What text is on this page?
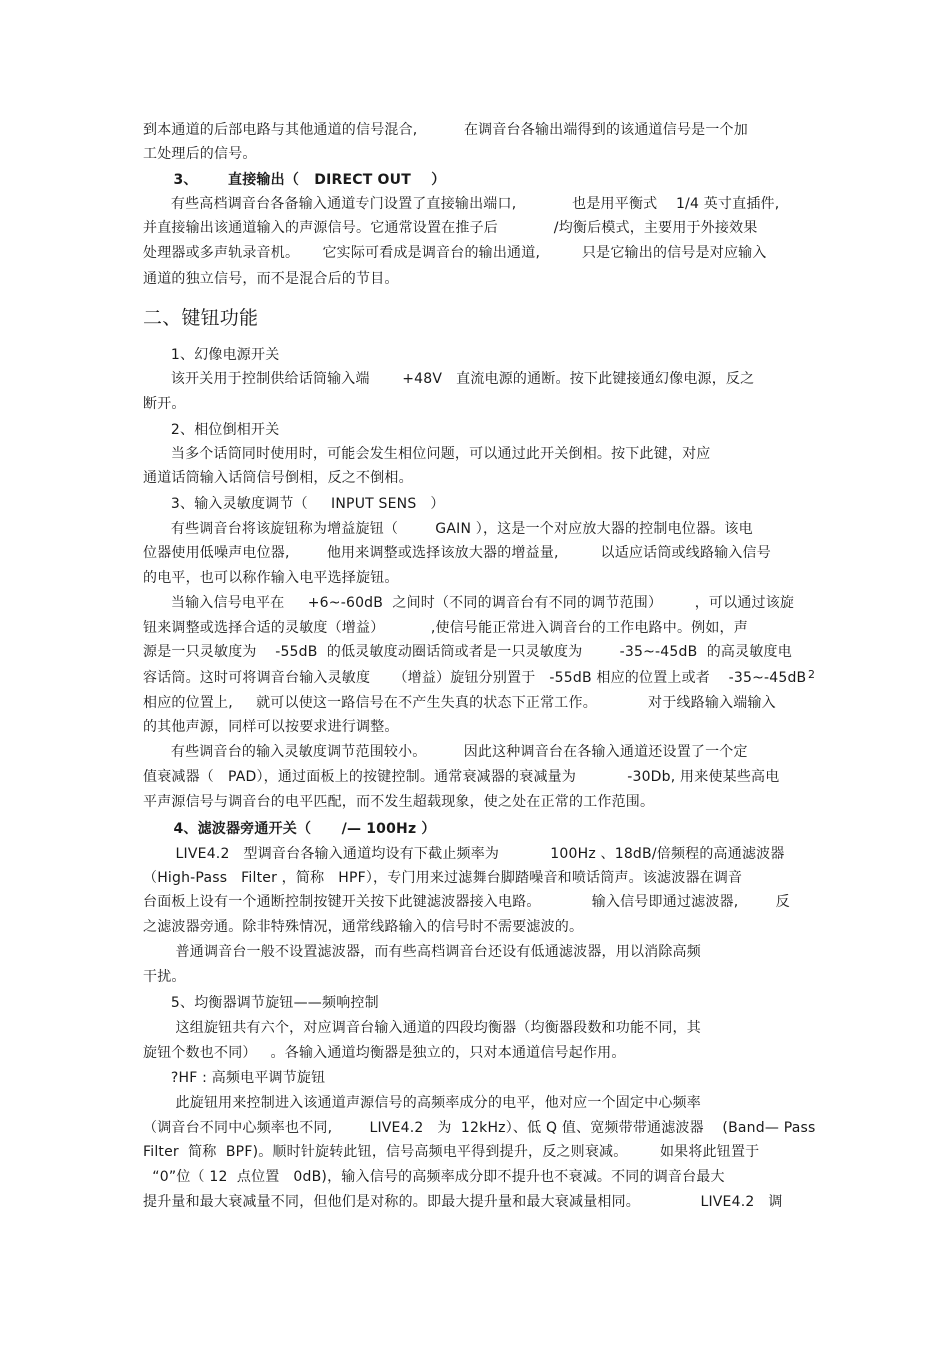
到本通道的后部电路与其他通道的信号混合,          在调音台各输出端得到的该通道信号是一个加
工处理后的信号。
3、      直接输出（   DIRECT OUT    ）
有些高档调音台各备输入通道专门设置了直接输出端口,            也是用平衡式    1/4 英寸直插件,
并直接输出该通道输入的声源信号。它通常设置在推子后            /均衡后模式，主要用于外接效果
处理器或多声轨录音机。     它实际可看成是调音台的输出通道,         只是它输出的信号是对应输入
通道的独立信号，而不是混合后的节目。
二、键钮功能
1、幻像电源开关
该开关用于控制供给话筒输入端       +48V   直流电源的通断。按下此键接通幻像电源，反之
断开。
2、相位倒相开关
当多个话筒同时使用时，可能会发生相位问题，可以通过此开关倒相。按下此键，对应
通道话筒输入话筒信号倒相，反之不倒相。
3、输入灵敏度调节（     INPUT SENS   ）
有些调音台将该旋钮称为增益旋钮（        GAIN ），这是一个对应放大器的控制电位器。该电
位器使用低噪声电位器,        他用来调整或选择该放大器的增益量,         以适应话筒或线路输入信号
的电平，也可以称作输入电平选择旋钮。
当输入信号电平在     +6~-60dB  之间时（不同的调音台有不同的调节范围）       ，可以通过该旋
钮来调整或选择合适的灵敏度（增益）          ,使信号能正常进入调音台的工作电路中。例如，声
源是一只灵敏度为    -55dB  的低灵敏度动圈话筒或者是一只灵敏度为        -35~-45dB  的高灵敏度电
容话筒。这时可将调音台输入灵敏度     （增益）旋钮分别置于   -55dB 相应的位置上或者    -35~-45dB 2
相应的位置上,     就可以使这一路信号在不产生失真的状态下正常工作。           对于线路输入端输入
的其他声源，同样可以按要求进行调整。
有些调音台的输入灵敏度调节范围较小。        因此这种调音台在各输入通道还设置了一个定
值衰减器（   PAD），通过面板上的按键控制。通常衰减器的衰减量为           -30Db, 用来使某些高电
平声源信号与调音台的电平匹配，而不发生超载现象，使之处在正常的工作范围。
4、滤波器旁通开关（      /— 100Hz ）
LIVE4.2   型调音台各输入通道均设有下截止频率为           100Hz 、18dB/倍频程的高通滤波器
（High-Pass   Filter ，简称   HPF），专门用来过滤舞台脚踏噪音和喷话筒声。该滤波器在调音
台面板上设有一个通断控制按键开关按下此键滤波器接入电路。           输入信号即通过滤波器,        反
之滤波器旁通。除非特殊情况，通常线路输入的信号时不需要滤波的。
普通调音台一般不设置滤波器，而有些高档调音台还设有低通滤波器，用以消除高频
干扰。
5、均衡器调节旋钮——频响控制
这组旋钮共有六个，对应调音台输入通道的四段均衡器（均衡器段数和功能不同，其
旋钮个数也不同）   。各输入通道均衡器是独立的，只对本通道信号起作用。
?HF : 高频电平调节旋钮
此旋钮用来控制进入该通道声源信号的高频率成分的电平，他对应一个固定中心频率
（调音台不同中心频率也不同,        LIVE4.2   为  12kHz）、低 Q 值、宽频带带通滤波器    (Band— Pass
Filter  简称  BPF)。顺时针旋转此钮，信号高频电平得到提升，反之则衰减。       如果将此钮置于
“0”位（ 12  点位置   0dB)，输入信号的高频率成分即不提升也不衰减。不同的调音台最大
提升量和最大衰减量不同，但他们是对称的。即最大提升量和最大衰减量相同。             LIVE4.2   调
